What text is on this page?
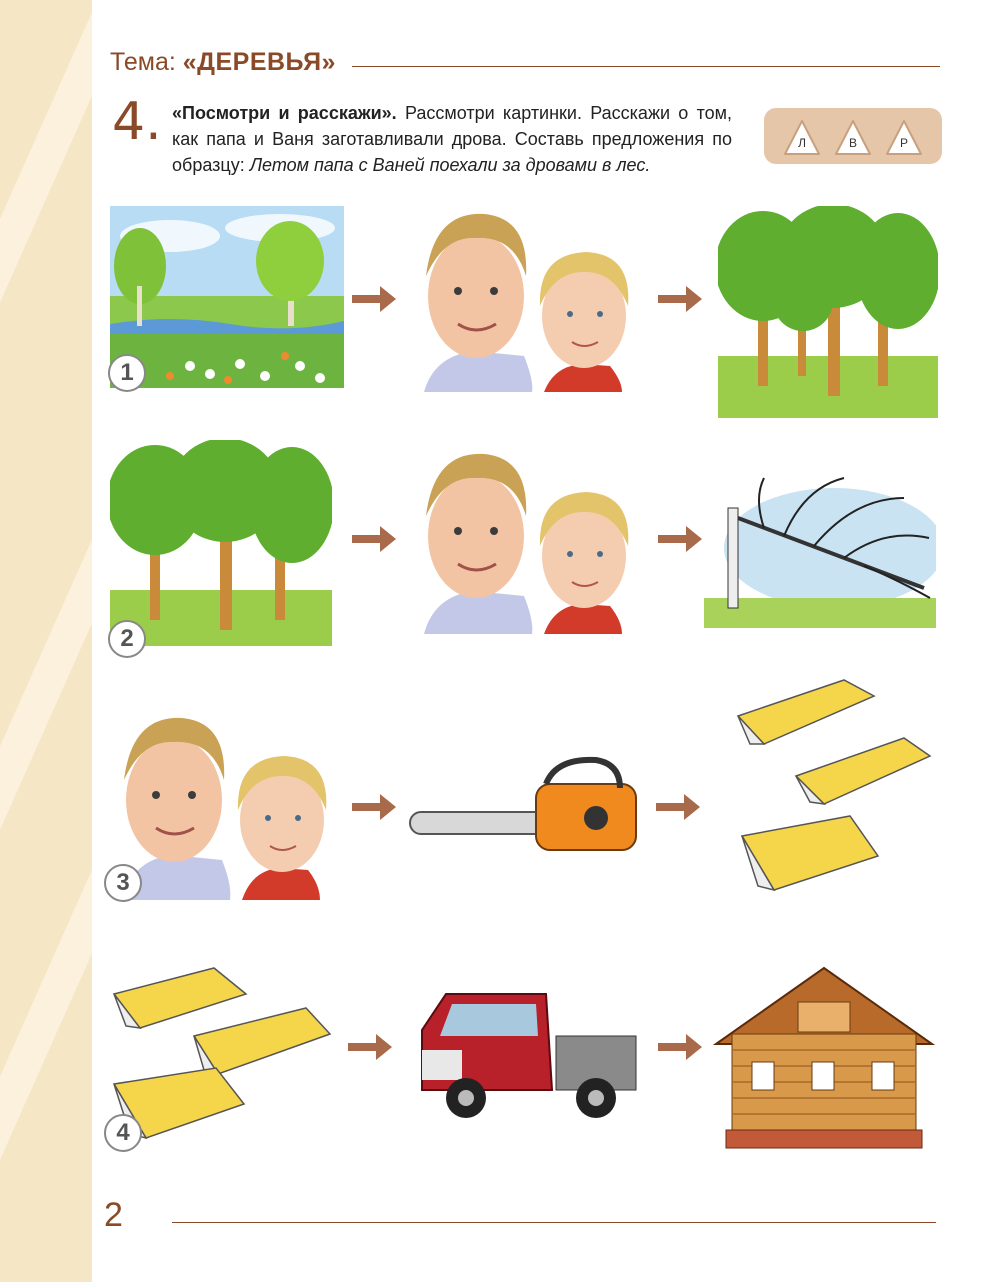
Тема: «ДЕРЕВЬЯ»
4. «Посмотри и расскажи». Рассмотри картинки. Расскажи о том, как папа и Ваня заготавливали дрова. Составь предложения по образцу: Летом папа с Ваней поехали за дровами в лес.
Л	В	Р
1
2
3
4
2
